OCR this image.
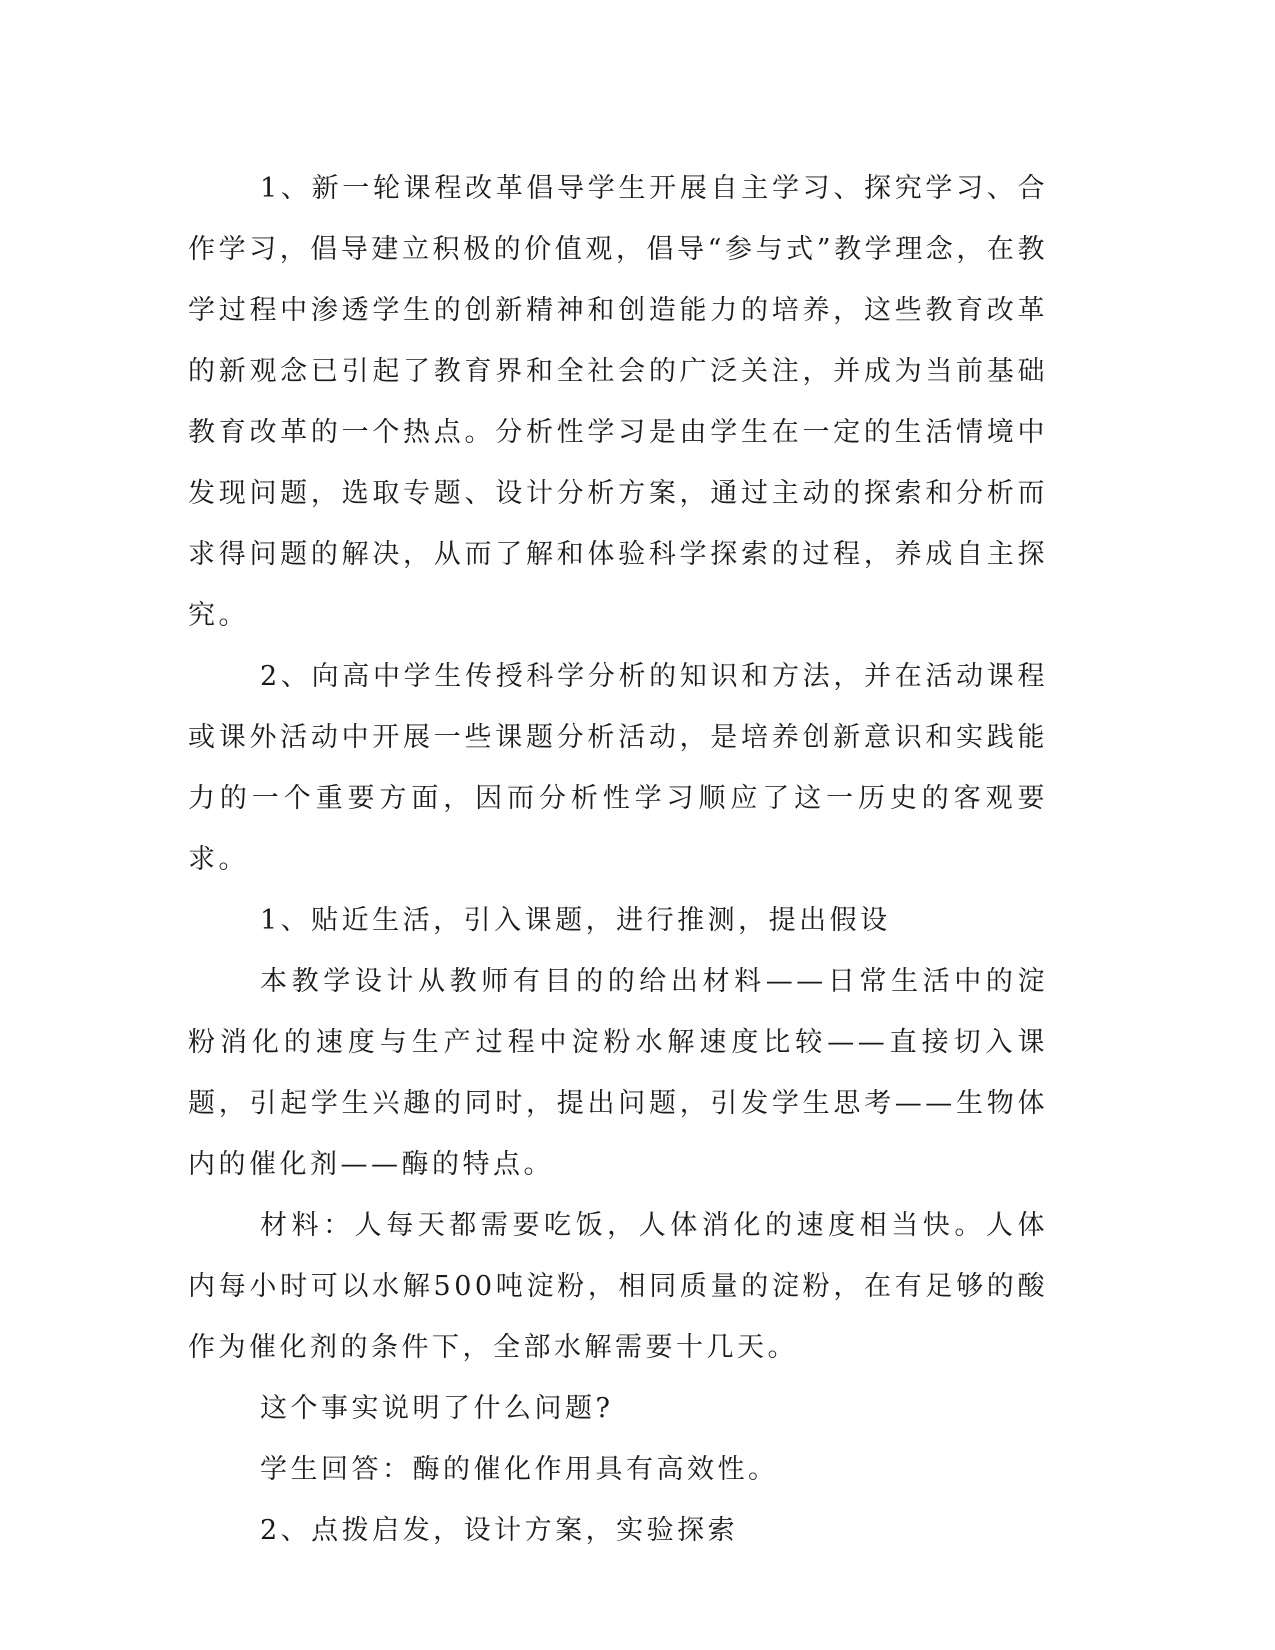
1、新一轮课程改革倡导学生开展自主学习、探究学习、合作学习，倡导建立积极的价值观，倡导“参与式”教学理念，在教学过程中渗透学生的创新精神和创造能力的培养，这些教育改革的新观念已引起了教育界和全社会的广泛关注，并成为当前基础教育改革的一个热点。分析性学习是由学生在一定的生活情境中发现问题，选取专题、设计分析方案，通过主动的探索和分析而求得问题的解决，从而了解和体验科学探索的过程，养成自主探究。

2、向高中学生传授科学分析的知识和方法，并在活动课程或课外活动中开展一些课题分析活动，是培养创新意识和实践能力的一个重要方面，因而分析性学习顺应了这一历史的客观要求。

1、贴近生活，引入课题，进行推测，提出假设

本教学设计从教师有目的的给出材料——日常生活中的淀粉消化的速度与生产过程中淀粉水解速度比较——直接切入课题，引起学生兴趣的同时，提出问题，引发学生思考——生物体内的催化剂——酶的特点。

材料：人每天都需要吃饭，人体消化的速度相当快。人体内每小时可以水解500吨淀粉，相同质量的淀粉，在有足够的酸作为催化剂的条件下，全部水解需要十几天。

这个事实说明了什么问题?

学生回答：酶的催化作用具有高效性。

2、点拨启发，设计方案，实验探索
